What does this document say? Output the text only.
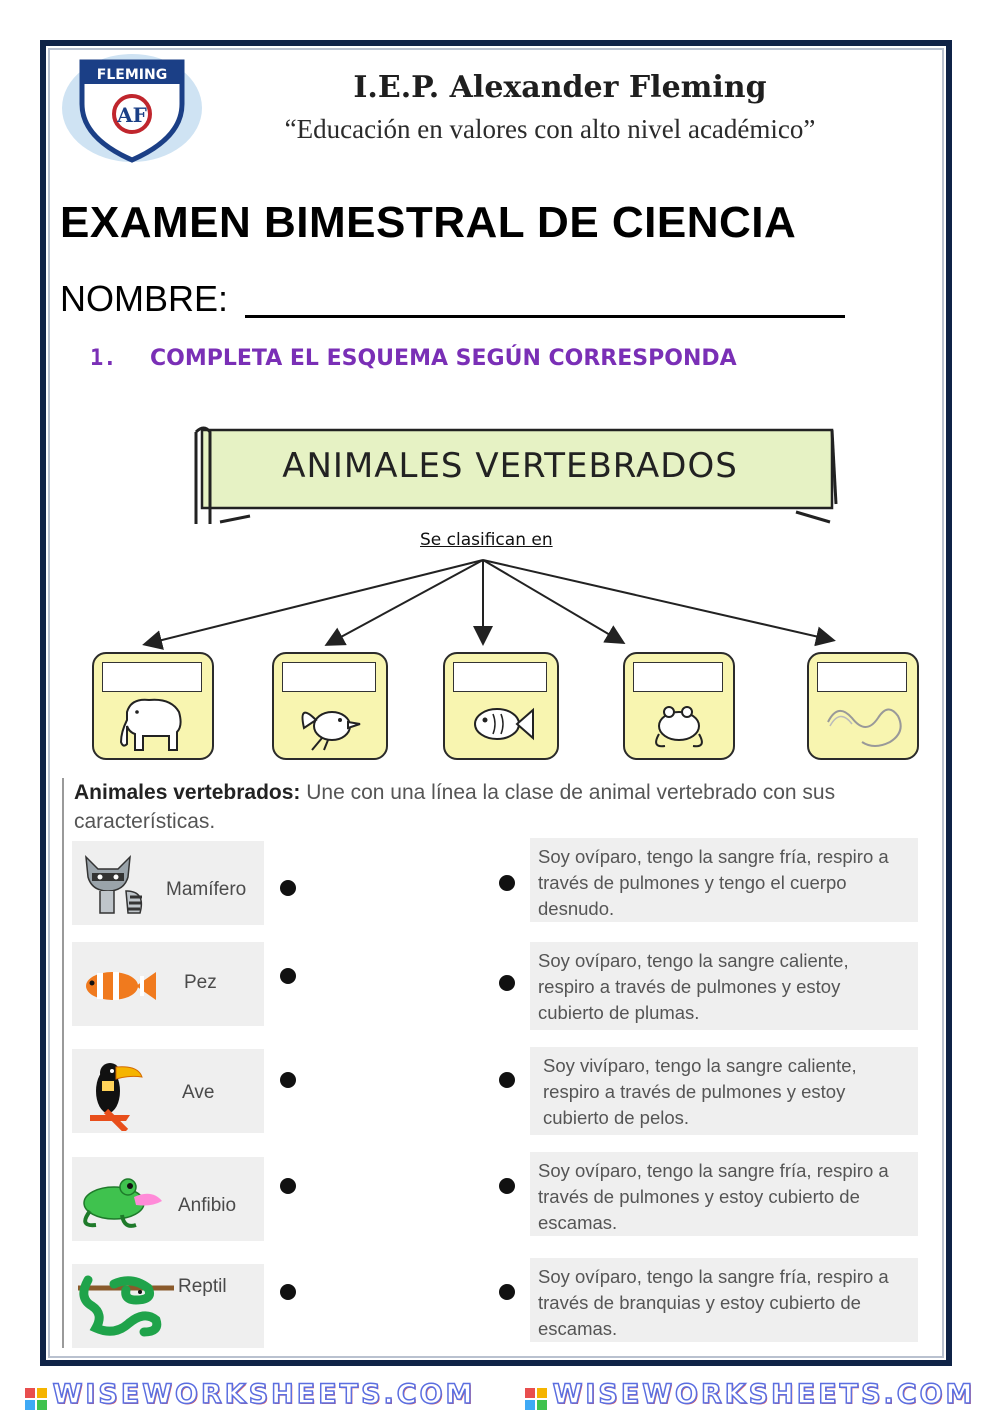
FLEMING
AF
I.E.P. Alexander Fleming
“Educación en valores con alto nivel académico”
EXAMEN BIMESTRAL DE CIENCIA
NOMBRE:
1. COMPLETA EL ESQUEMA SEGÚN CORRESPONDA
ANIMALES VERTEBRADOS
Se clasifican en
Animales vertebrados: Une con una línea la clase de animal vertebrado con sus características.
Mamífero
Pez
Ave
Anfibio
Reptil
Soy ovíparo, tengo la sangre fría, respiro a través de pulmones y tengo el cuerpo desnudo.
Soy ovíparo, tengo la sangre caliente, respiro a través de pulmones y estoy cubierto de plumas.
Soy vivíparo, tengo la sangre caliente, respiro a través de pulmones y estoy cubierto de pelos.
Soy ovíparo, tengo la sangre fría, respiro a través de pulmones y estoy cubierto de escamas.
Soy ovíparo, tengo la sangre fría, respiro a través de branquias y estoy cubierto de escamas.
WISEWORKSHEETS.COM	WISEWORKSHEETS.COM
